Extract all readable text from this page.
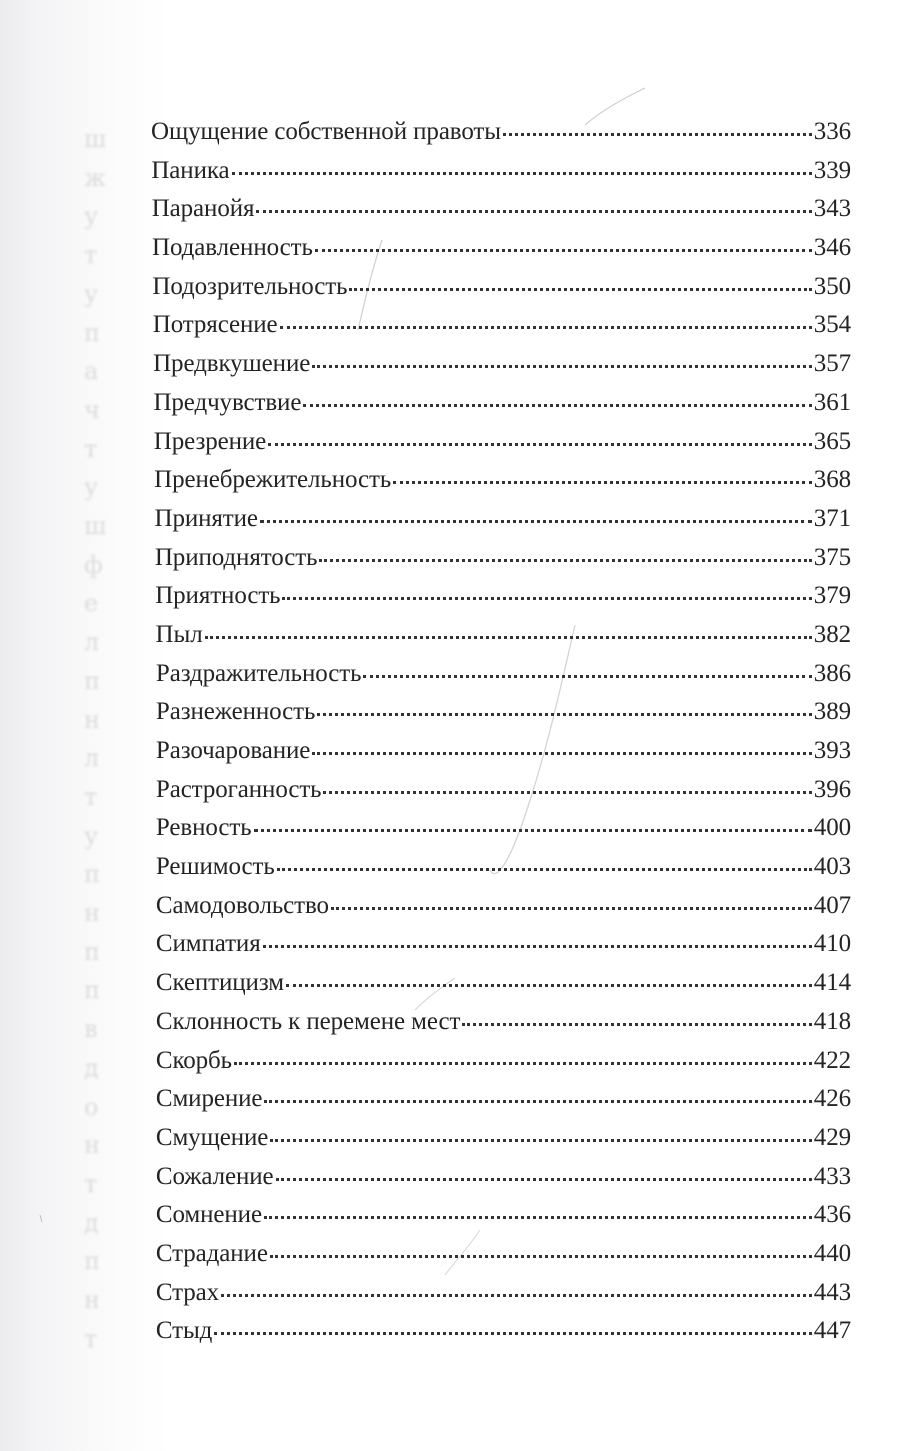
ш
ж
у
т
у
п
а
ч
т
у
ш
ф
е
л
п
н
л
т
у
п
н
п
п
в
д
о
н
т
д
п
н
т
Ощущение собственной правоты	336
Паника	339
Паранойя	343
Подавленность	346
Подозрительность	350
Потрясение	354
Предвкушение	357
Предчувствие	361
Презрение	365
Пренебрежительность	368
Принятие	371
Приподнятость	375
Приятность	379
Пыл	382
Раздражительность	386
Разнеженность	389
Разочарование	393
Растроганность	396
Ревность	400
Решимость	403
Самодовольство	407
Симпатия	410
Скептицизм	414
Склонность к перемене мест	418
Скорбь	422
Смирение	426
Смущение	429
Сожаление	433
Сомнение	436
Страдание	440
Страх	443
Стыд	447
